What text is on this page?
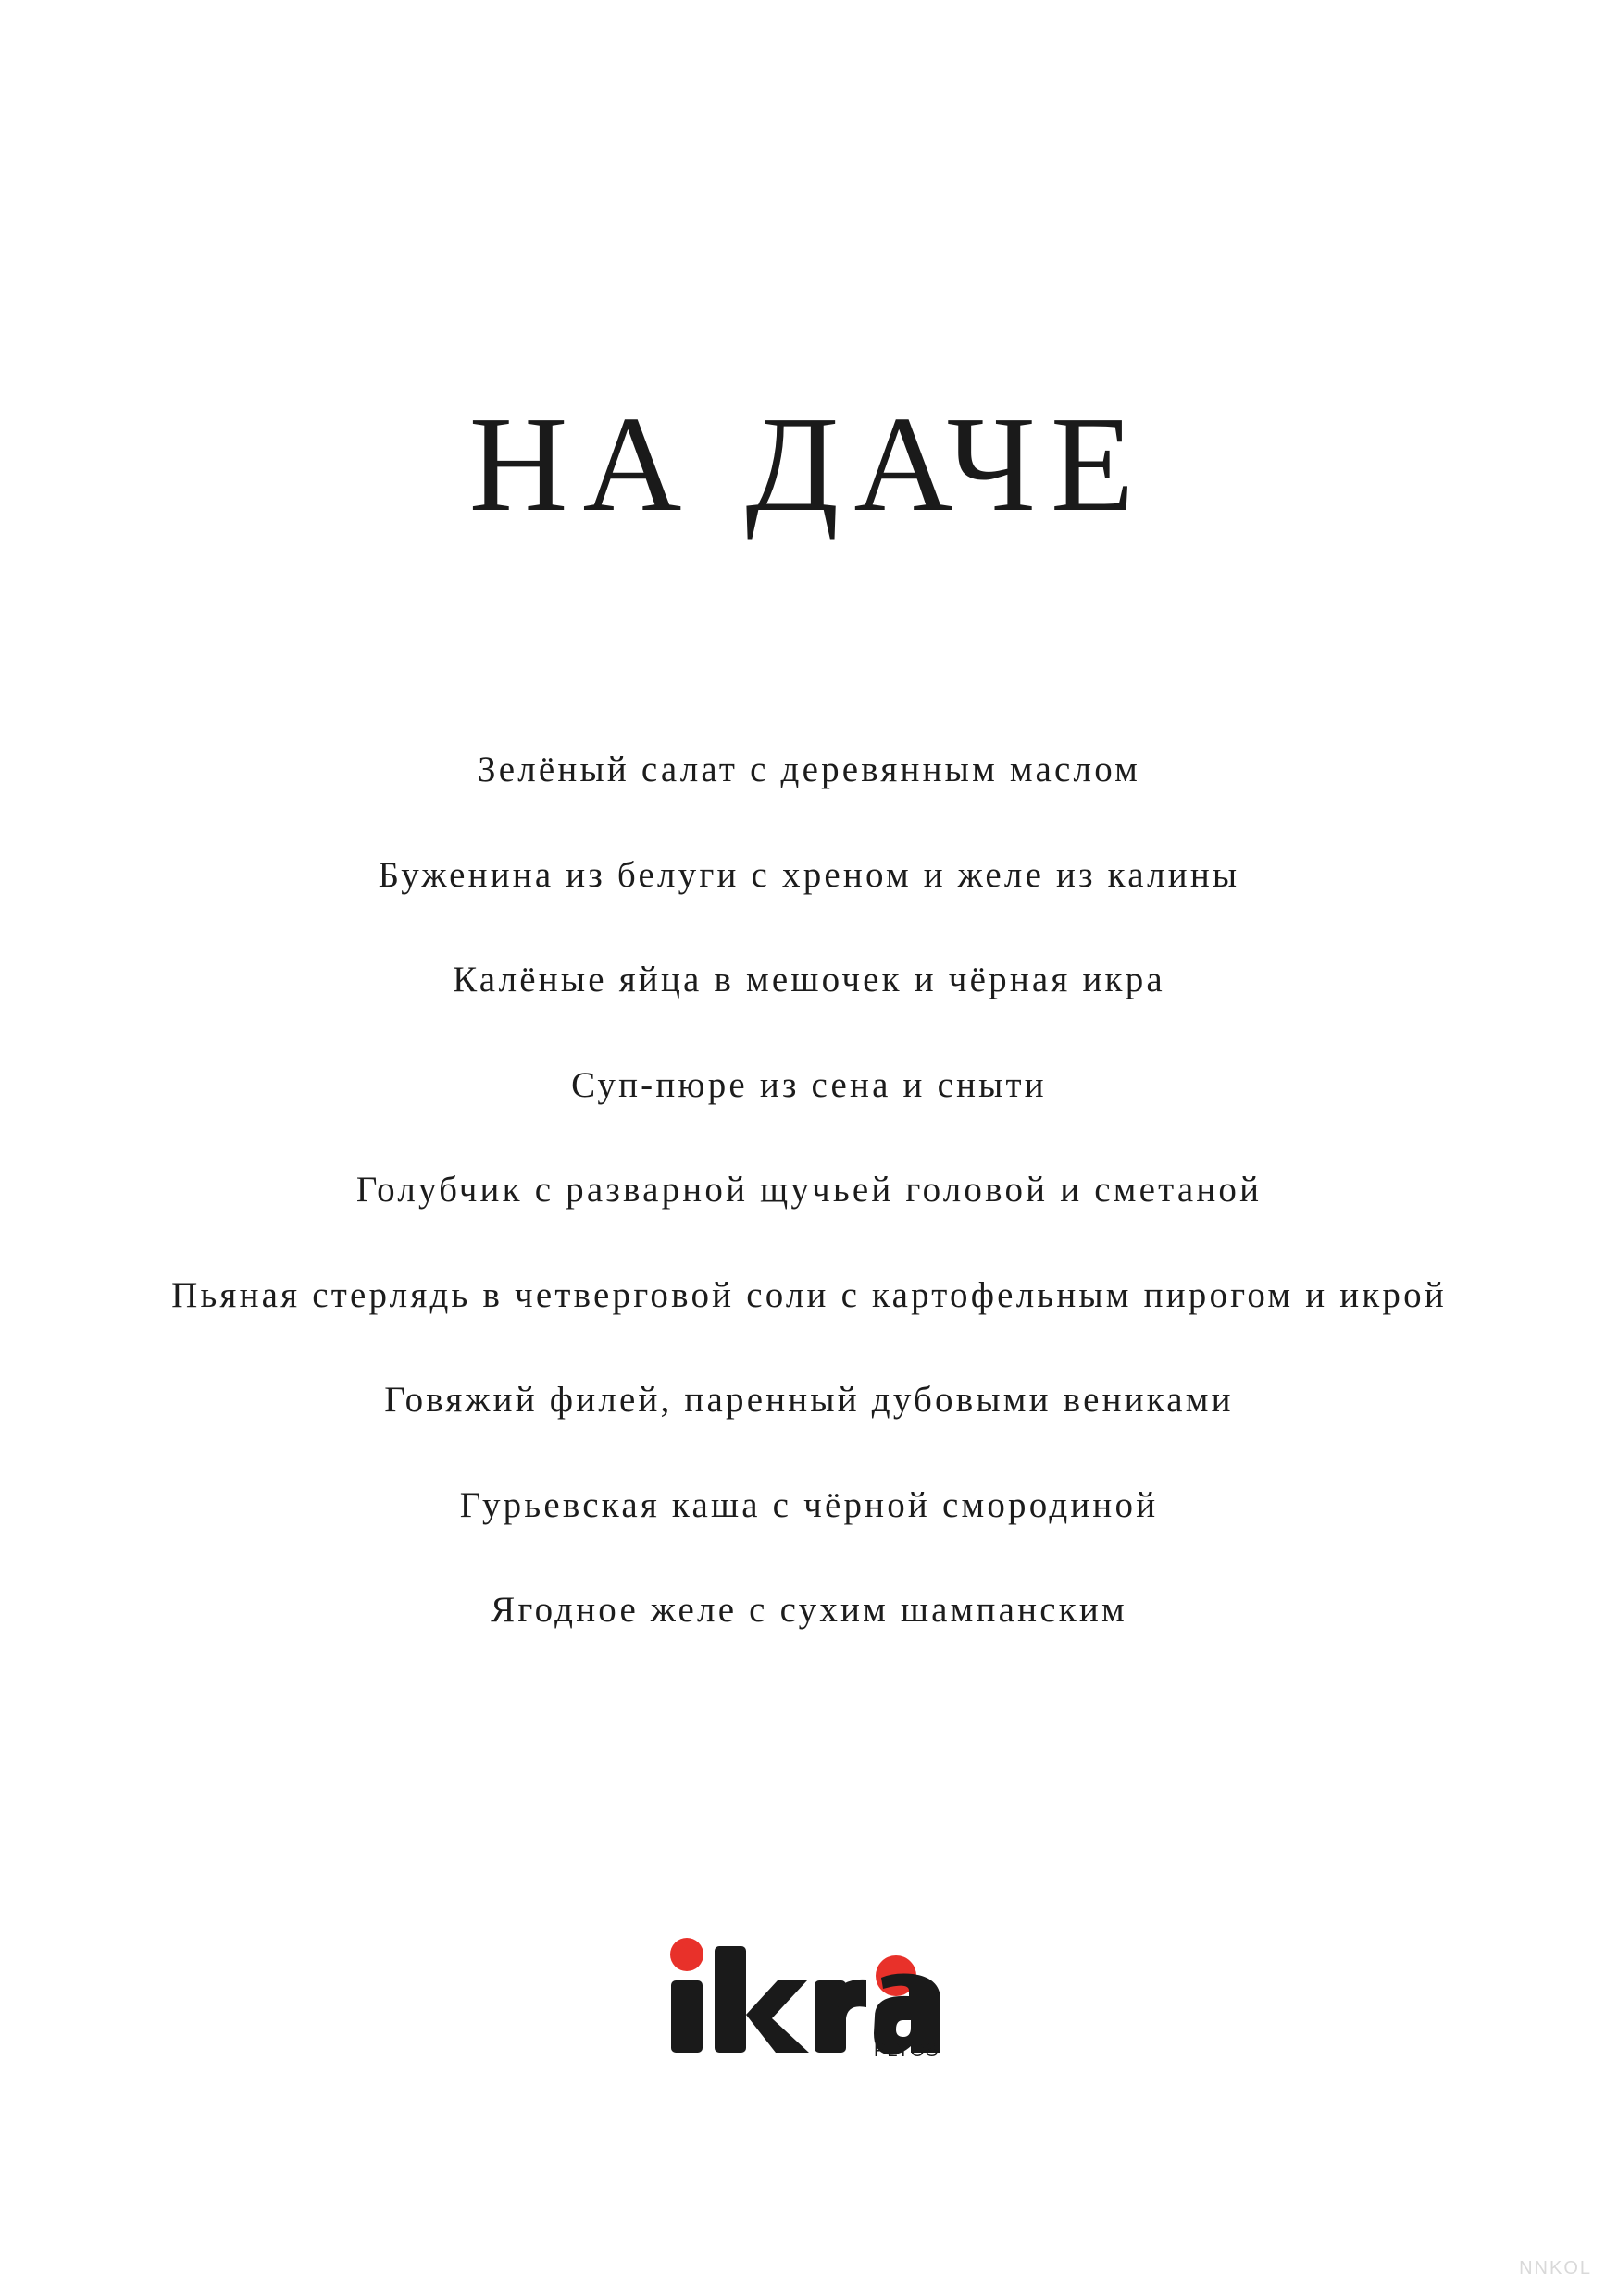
НА ДАЧЕ
Зелёный салат с деревянным маслом
Буженина из белуги с хреном и желе из калины
Калёные яйца в мешочек и чёрная икра
Суп-пюре из сена и сныти
Голубчик с разварной щучьей головой и сметаной
Пьяная стерлядь в четверговой соли с картофельным пирогом и икрой
Говяжий филей, паренный дубовыми вениками
Гурьевская каша с чёрной смородиной
Ягодное желе с сухим шампанским
PLYOS
NNKOL
